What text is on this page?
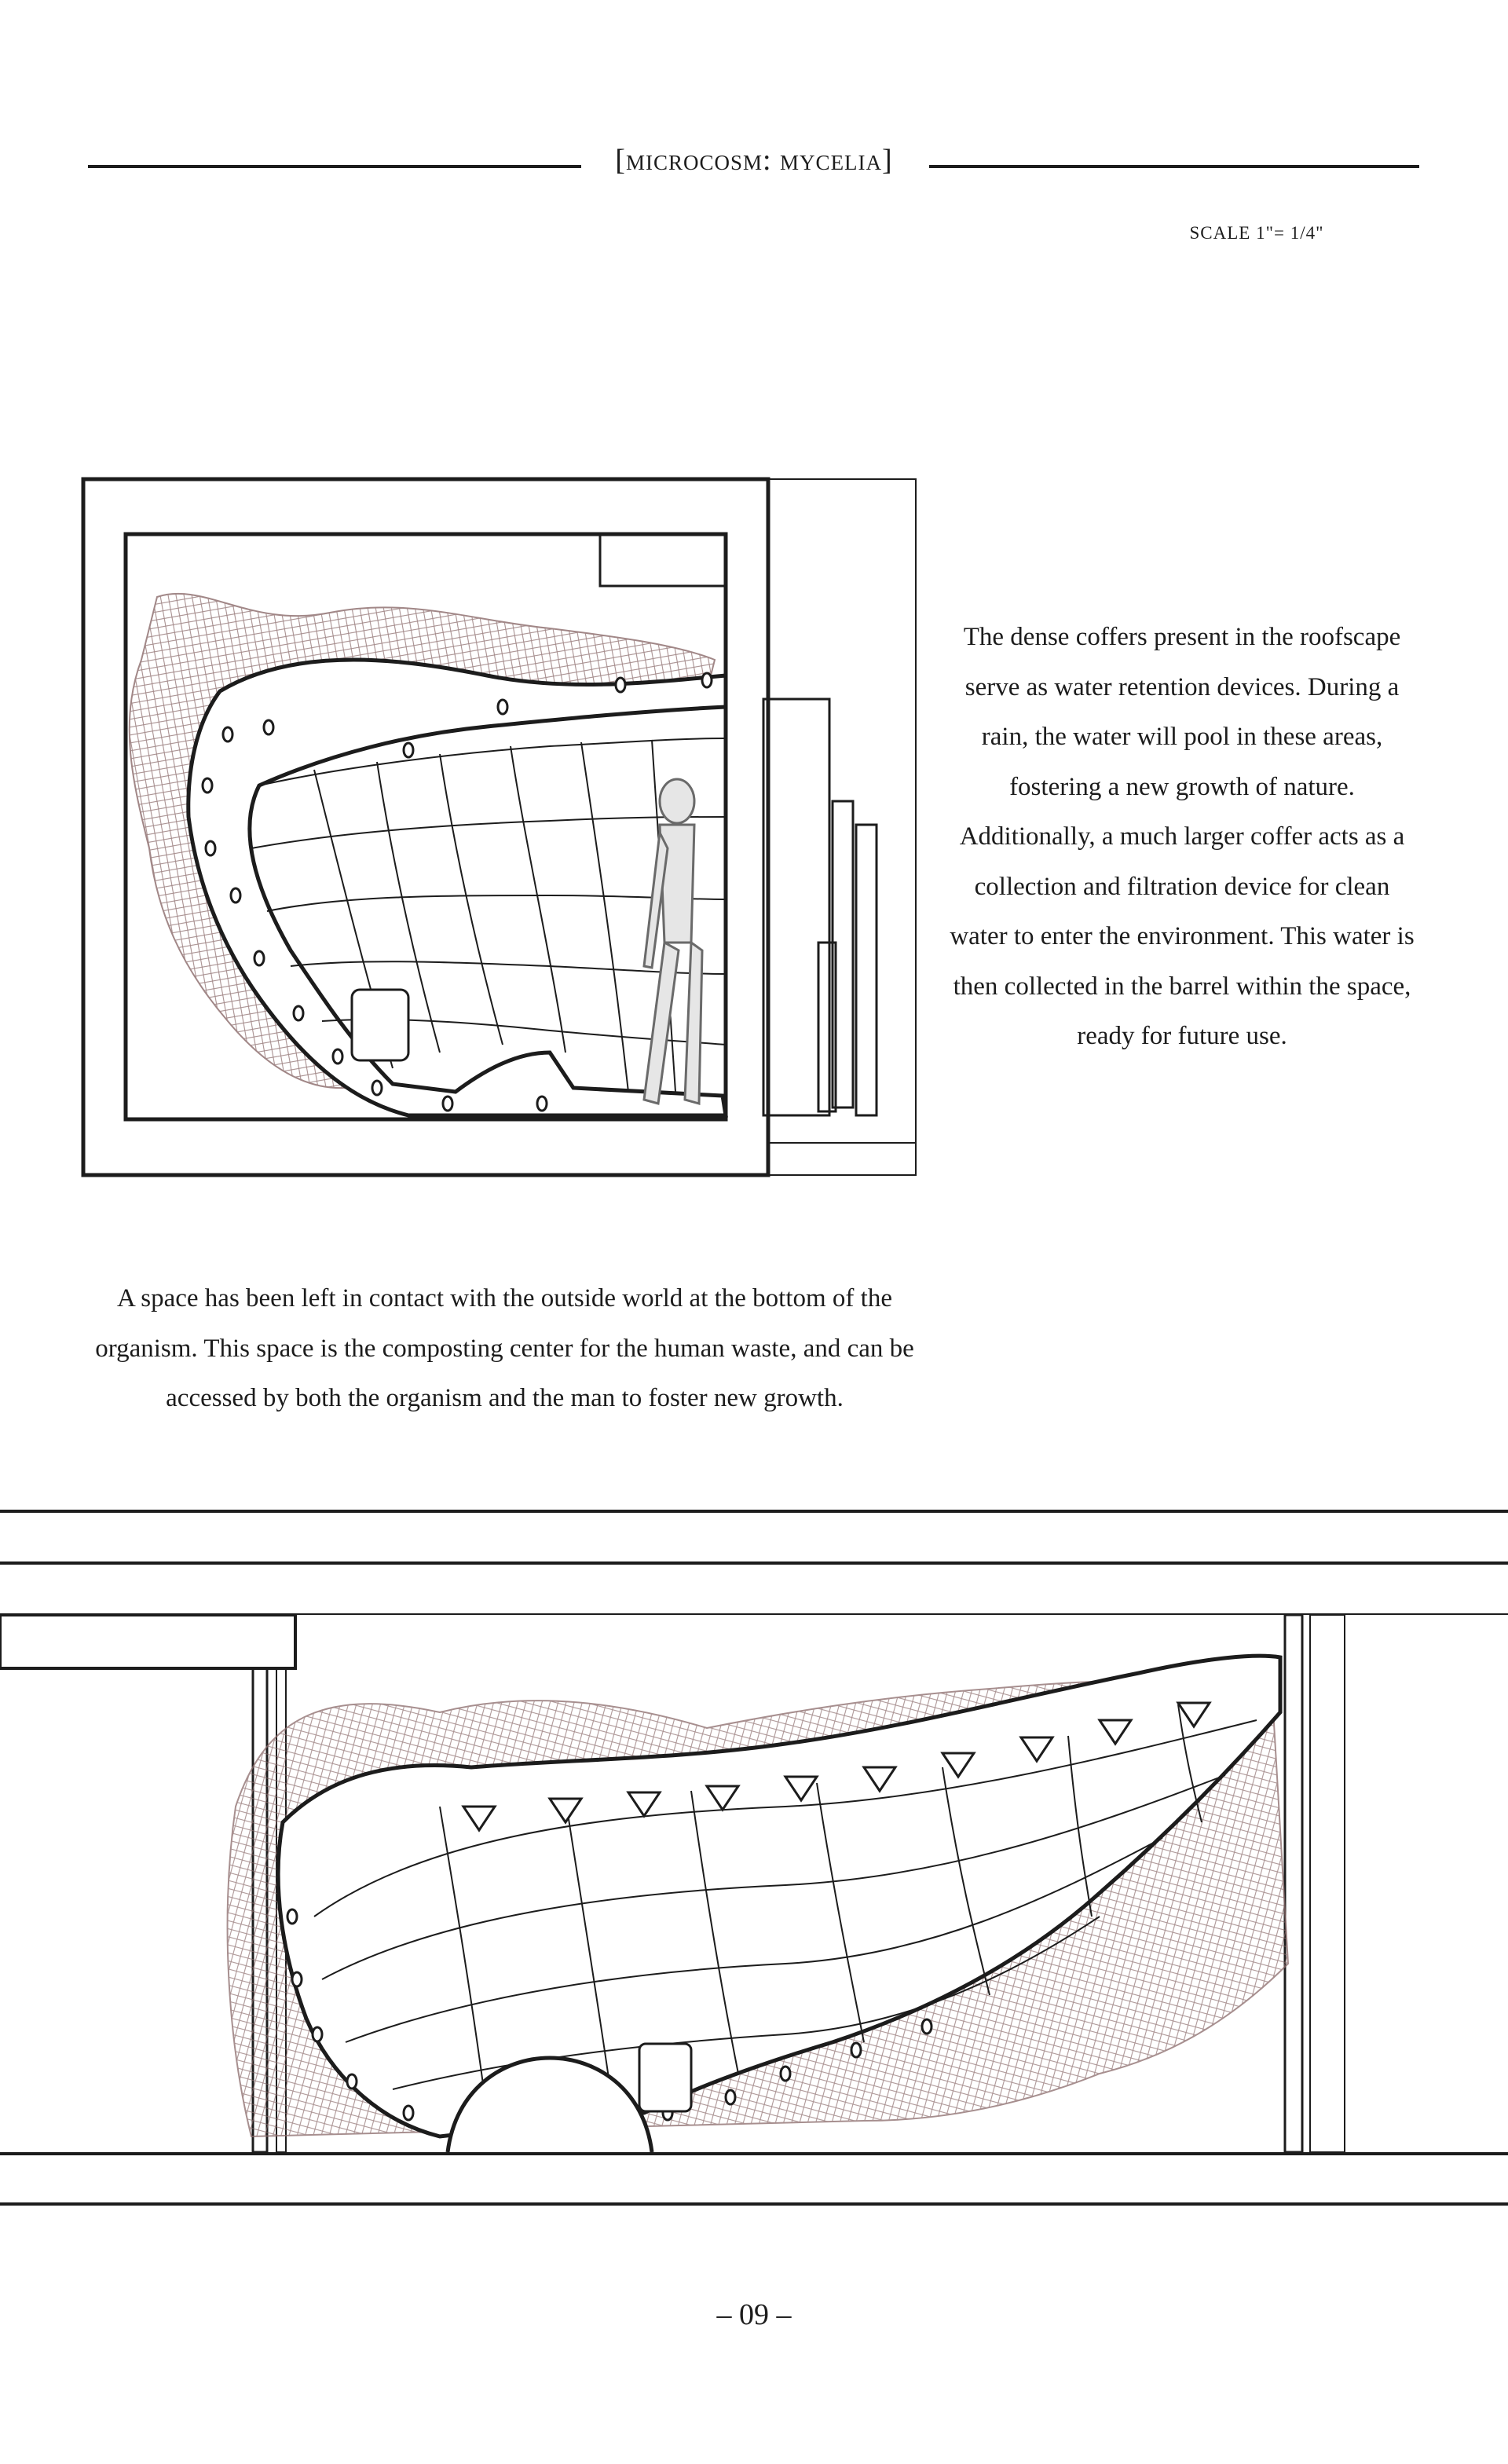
[microcosm: mycelia]
SCALE 1"= 1/4"
The dense coffers present in the roofscape serve as water retention devices. During a rain, the water will pool in these areas, fostering a new growth of nature. Additionally, a much larger coffer acts as a collection and filtration device for clean water to enter the environment. This water is then collected in the barrel within the space, ready for future use.
A space has been left in contact with the outside world at the bottom of the organism. This space is the composting center for the human waste, and can be accessed by both the organism and the man to foster new growth.
– 09 –
